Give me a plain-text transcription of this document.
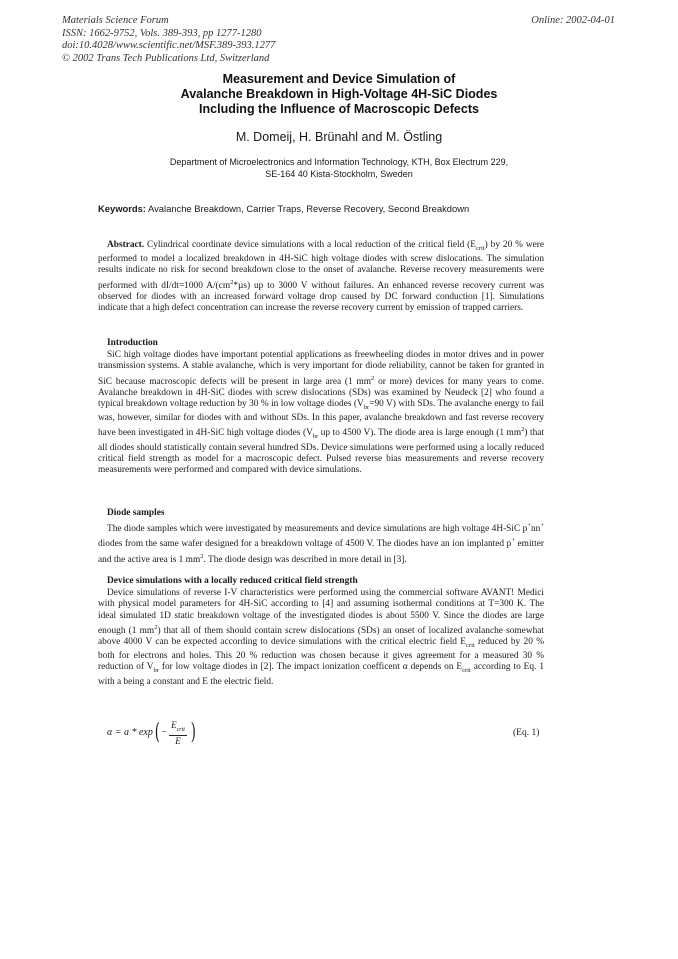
Materials Science Forum
ISSN: 1662-9752, Vols. 389-393, pp 1277-1280
doi:10.4028/www.scientific.net/MSF.389-393.1277
© 2002 Trans Tech Publications Ltd, Switzerland
Online: 2002-04-01
Measurement and Device Simulation of
Avalanche Breakdown in High-Voltage 4H-SiC Diodes
Including the Influence of Macroscopic Defects
M. Domeij, H. Brünahl and M. Östling
Department of Microelectronics and Information Technology, KTH, Box Electrum 229,
SE-164 40 Kista-Stockholm, Sweden
Keywords: Avalanche Breakdown, Carrier Traps, Reverse Recovery, Second Breakdown

Abstract. Cylindrical coordinate device simulations with a local reduction of the critical field $(E_{crit})$ by 20 % were performed to model a localized breakdown in 4H-SiC high voltage diodes with screw dislocations. The simulation results indicate no risk for second breakdown close to the onset of avalanche. Reverse recovery measurements were performed with dI/dt=1000 $A/(cm^2*\mu s)$ up to 3000 V without failures. An enhanced reverse recovery current was observed for diodes with an increased forward voltage drop caused by DC forward conduction [1]. Simulations indicate that a high defect concentration can increase the reverse recovery current by emission of trapped carriers.

Introduction

SiC high voltage diodes have important potential applications as freewheeling diodes in motor drives and in power transmission systems. A stable avalanche, which is very important for diode reliability, cannot be taken for granted in SiC because macroscopic defects will be present in large area (1 $mm^2$ or more) devices for many years to come. Avalanche breakdown in 4H-SiC diodes with screw dislocations (SDs) was examined by Neudeck [2] who found a typical breakdown voltage reduction by 30 % in low voltage diodes ($V_{br}=90$ V) with SDs. The avalanche energy to fail was, however, similar for diodes with and without SDs. In this paper, avalanche breakdown and fast reverse recovery have been investigated in 4H-SiC high voltage diodes ($V_{br}$ up to 4500 V). The diode area is large enough (1 $mm^2$) that all diodes should statistically contain several hundred SDs. Device simulations were performed using a locally reduced critical field strength as model for a macroscopic defect. Pulsed reverse bias measurements and reverse recovery measurements were performed and compared with device simulations.

Diode samples

The diode samples which were investigated by measurements and device simulations are high voltage 4H-SiC p+nn+ diodes from the same wafer designed for a breakdown voltage of 4500 V. The diodes have an ion implanted p+ emitter and the active area is 1 $mm^2$. The diode design was described in more detail in [3].

Device simulations with a locally reduced critical field strength

Device simulations of reverse I-V characteristics were performed using the commercial software AVANT! Medici with physical model parameters for 4H-SiC according to [4] and assuming isothermal conditions at T=300 K. The ideal simulated 1D static breakdown voltage of the investigated diodes is about 5500 V. Since the diodes are large enough (1 $mm^2$) that all of them should contain screw dislocations (SDs) an onset of localized avalanche somewhat above 4000 V can be expected according to device simulations with the critical electric field $E_{crit}$ reduced by 20 % both for electrons and holes. This 20 % reduction was chosen because it gives agreement for a measured 30 % reduction of $V_{br}$ for low voltage diodes in [2]. The impact ionization coefficent α depends on $E_{crit}$ according to Eq. 1 with a being a constant and E the electric field.

α = a * exp ( − $\frac{E_{crit}}{E}$ )	(Eq. 1)
